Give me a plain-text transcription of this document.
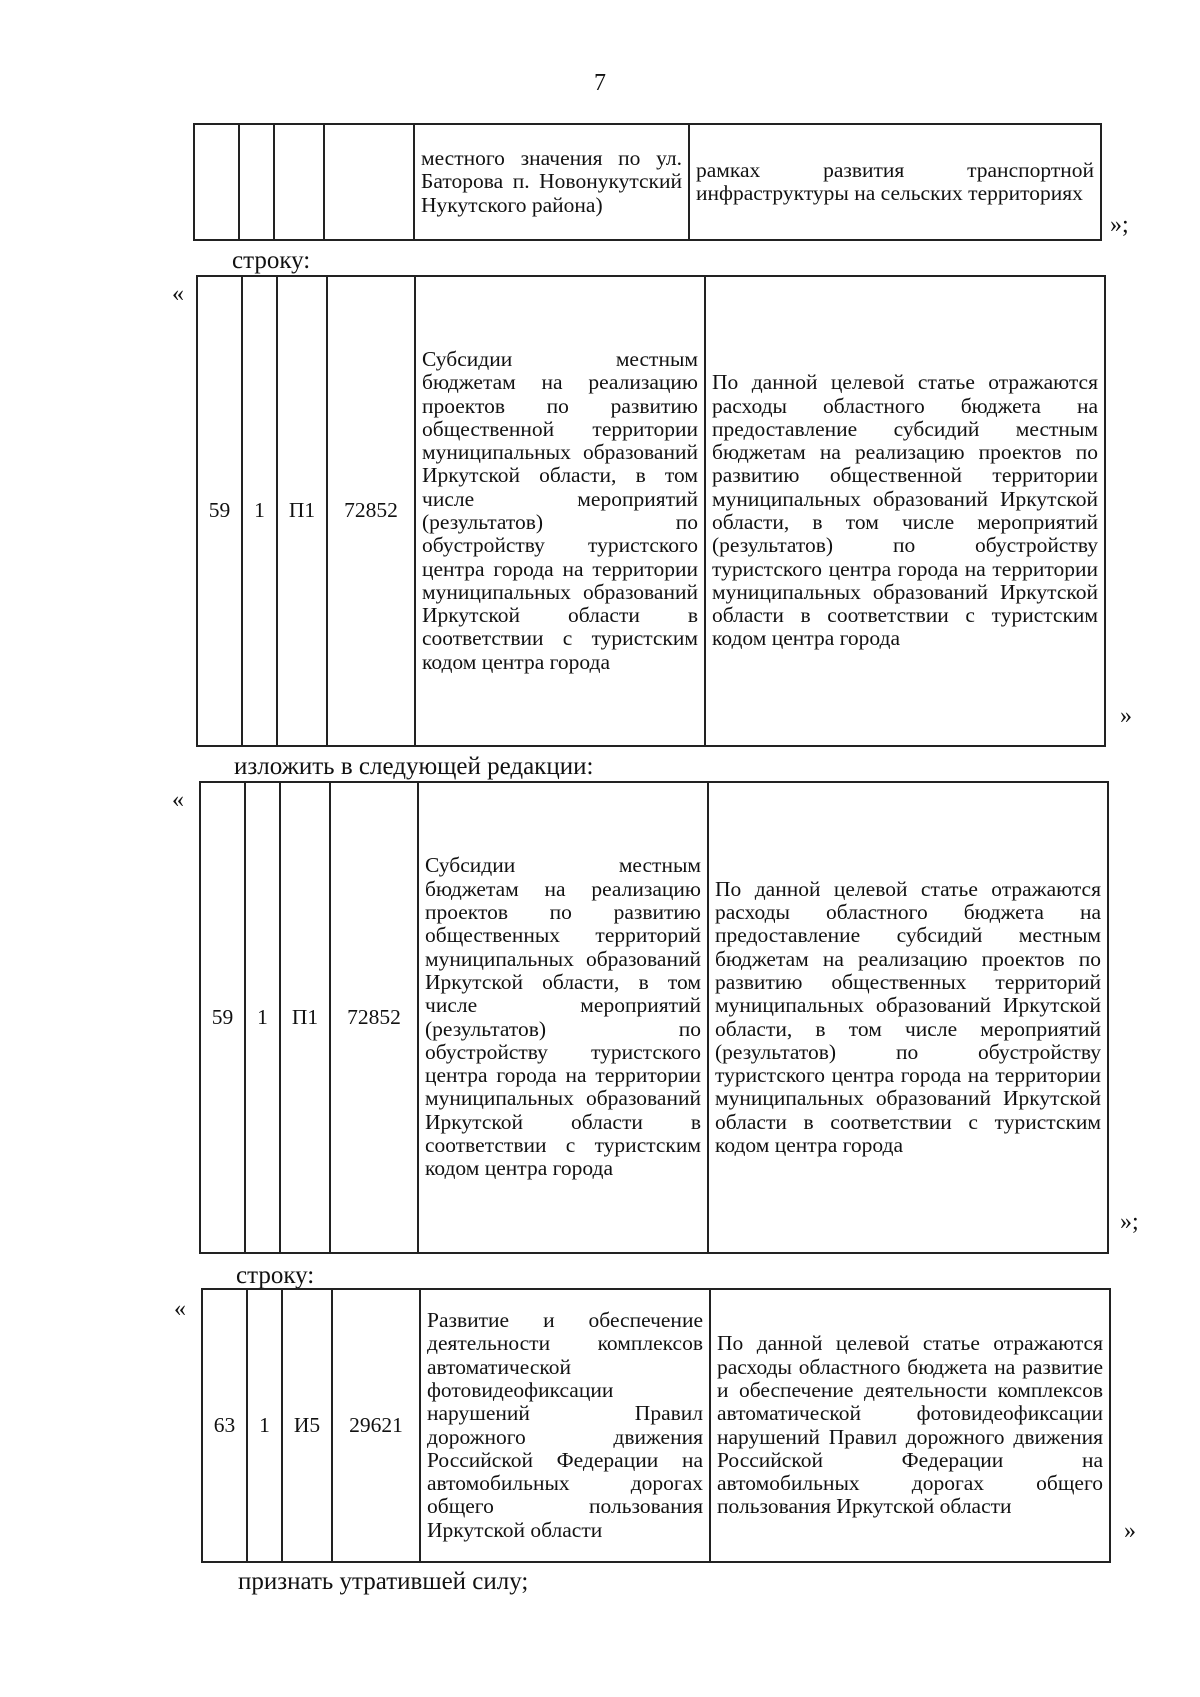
7
				местного значения по ул. Баторова п. Новонукутский Нукутского района)	рамках развития транспортной инфраструктуры на сельских территориях
»;
строку:
«
59	1	П1	72852	Субсидии местным бюджетам на реализацию проектов по развитию общественной территории муниципальных образований Иркутской области, в том числе мероприятий (результатов) по обустройству туристского центра города на территории муниципальных образований Иркутской области в соответствии с туристским кодом центра города	По данной целевой статье отражаются расходы областного бюджета на предоставление субсидий местным бюджетам на реализацию проектов по развитию общественной территории муниципальных образований Иркутской области, в том числе мероприятий (результатов) по обустройству туристского центра города на территории муниципальных образований Иркутской области в соответствии с туристским кодом центра города
»
изложить в следующей редакции:
«
59	1	П1	72852	Субсидии местным бюджетам на реализацию проектов по развитию общественных территорий муниципальных образований Иркутской области, в том числе мероприятий (результатов) по обустройству туристского центра города на территории муниципальных образований Иркутской области в соответствии с туристским кодом центра города	По данной целевой статье отражаются расходы областного бюджета на предоставление субсидий местным бюджетам на реализацию проектов по развитию общественных территорий муниципальных образований Иркутской области, в том числе мероприятий (результатов) по обустройству туристского центра города на территории муниципальных образований Иркутской области в соответствии с туристским кодом центра города
»;
строку:
«
63	1	И5	29621	Развитие и обеспечение деятельности комплексов автоматической фотовидеофиксации нарушений Правил дорожного движения Российской Федерации на автомобильных дорогах общего пользования Иркутской области	По данной целевой статье отражаются расходы областного бюджета на развитие и обеспечение деятельности комплексов автоматической фотовидеофиксации нарушений Правил дорожного движения Российской Федерации на автомобильных дорогах общего пользования Иркутской области
»
признать утратившей силу;
